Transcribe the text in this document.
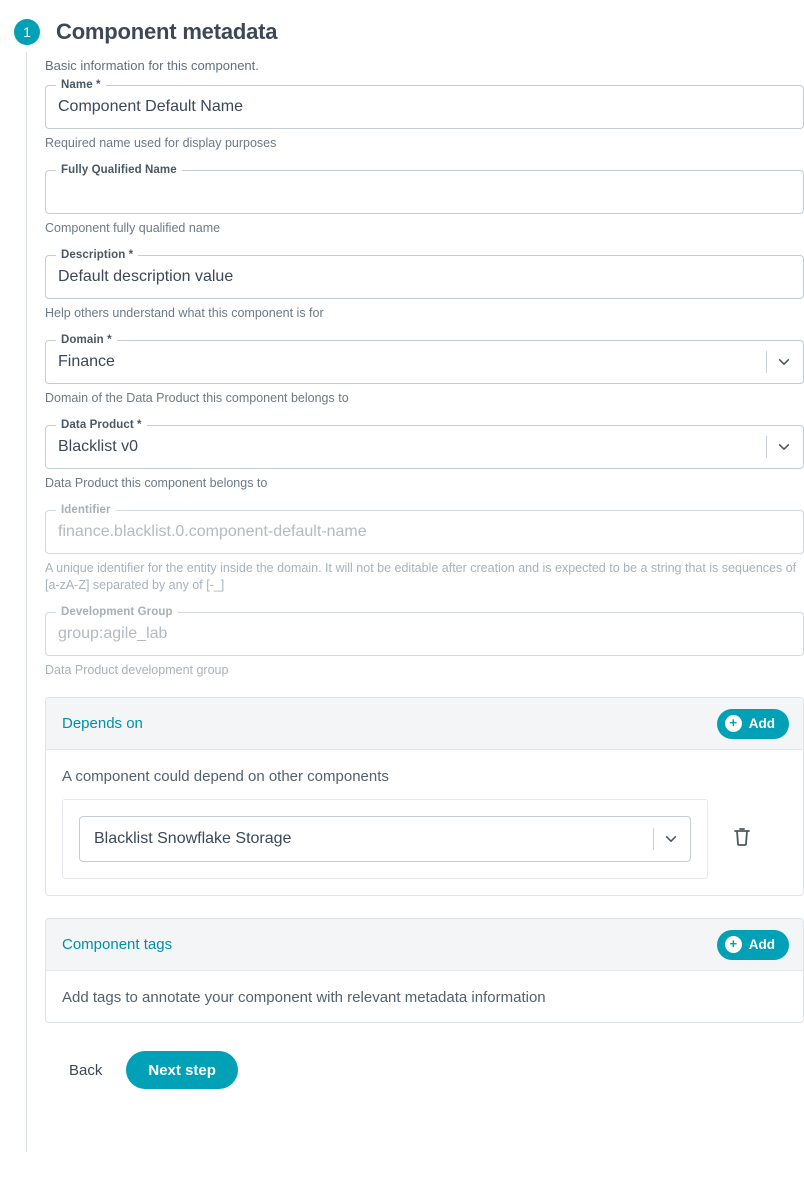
1	Component metadata
Basic information for this component.
Name *
Component Default Name
Required name used for display purposes
Fully Qualified Name
Component fully qualified name
Description *
Default description value
Help others understand what this component is for
Domain *
Finance
Domain of the Data Product this component belongs to
Data Product *
Blacklist v0
Data Product this component belongs to
Identifier
finance.blacklist.0.component-default-name
A unique identifier for the entity inside the domain. It will not be editable after creation and is expected to be a string that is sequences of [a-zA-Z] separated by any of [-_]
Development Group
group:agile_lab
Data Product development group
Depends on	+ Add
A component could depend on other components
Blacklist Snowflake Storage
Component tags	+ Add
Add tags to annotate your component with relevant metadata information
Back	Next step
